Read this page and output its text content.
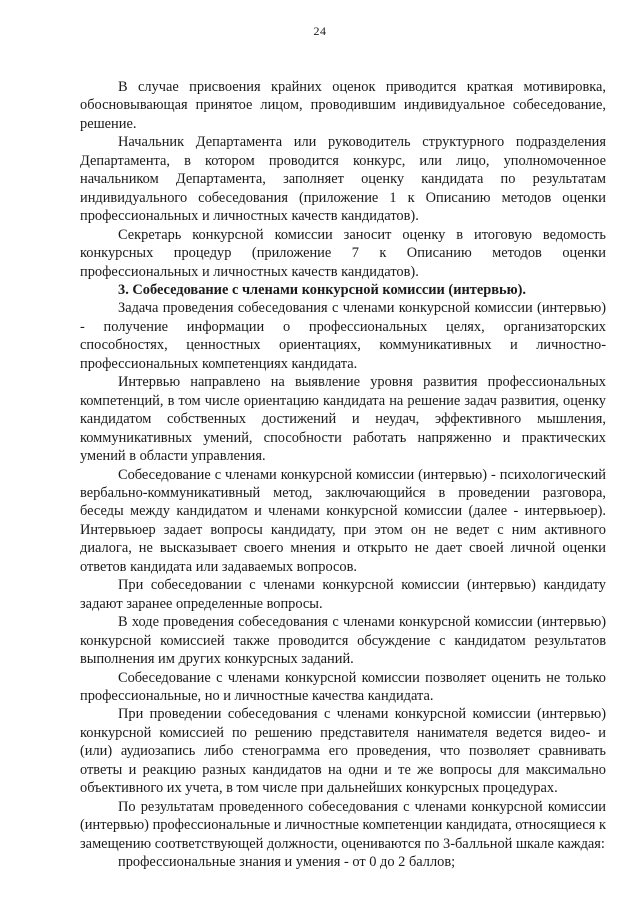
24

В случае присвоения крайних оценок приводится краткая мотивировка, обосновывающая принятое лицом, проводившим индивидуальное собеседование, решение.

Начальник Департамента или руководитель структурного подразделения Департамента, в котором проводится конкурс, или лицо, уполномоченное начальником Департамента, заполняет оценку кандидата по результатам индивидуального собеседования (приложение 1 к Описанию методов оценки профессиональных и личностных качеств кандидатов).

Секретарь конкурсной комиссии заносит оценку в итоговую ведомость конкурсных процедур (приложение 7 к Описанию методов оценки профессиональных и личностных качеств кандидатов).

3. Собеседование с членами конкурсной комиссии (интервью).

Задача проведения собеседования с членами конкурсной комиссии (интервью) - получение информации о профессиональных целях, организаторских способностях, ценностных ориентациях, коммуникативных и личностно-профессиональных компетенциях кандидата.

Интервью направлено на выявление уровня развития профессиональных компетенций, в том числе ориентацию кандидата на решение задач развития, оценку кандидатом собственных достижений и неудач, эффективного мышления, коммуникативных умений, способности работать напряженно и практических умений в области управления.

Собеседование с членами конкурсной комиссии (интервью) - психологический вербально-коммуникативный метод, заключающийся в проведении разговора, беседы между кандидатом и членами конкурсной комиссии (далее - интервьюер). Интервьюер задает вопросы кандидату, при этом он не ведет с ним активного диалога, не высказывает своего мнения и открыто не дает своей личной оценки ответов кандидата или задаваемых вопросов.

При собеседовании с членами конкурсной комиссии (интервью) кандидату задают заранее определенные вопросы.

В ходе проведения собеседования с членами конкурсной комиссии (интервью) конкурсной комиссией также проводится обсуждение с кандидатом результатов выполнения им других конкурсных заданий.

Собеседование с членами конкурсной комиссии позволяет оценить не только профессиональные, но и личностные качества кандидата.

При проведении собеседования с членами конкурсной комиссии (интервью) конкурсной комиссией по решению представителя нанимателя ведется видео- и (или) аудиозапись либо стенограмма его проведения, что позволяет сравнивать ответы и реакцию разных кандидатов на одни и те же вопросы для максимально объективного их учета, в том числе при дальнейших конкурсных процедурах.

По результатам проведенного собеседования с членами конкурсной комиссии (интервью) профессиональные и личностные компетенции кандидата, относящиеся к замещению соответствующей должности, оцениваются по 3-балльной шкале каждая:

профессиональные знания и умения - от 0 до 2 баллов;
